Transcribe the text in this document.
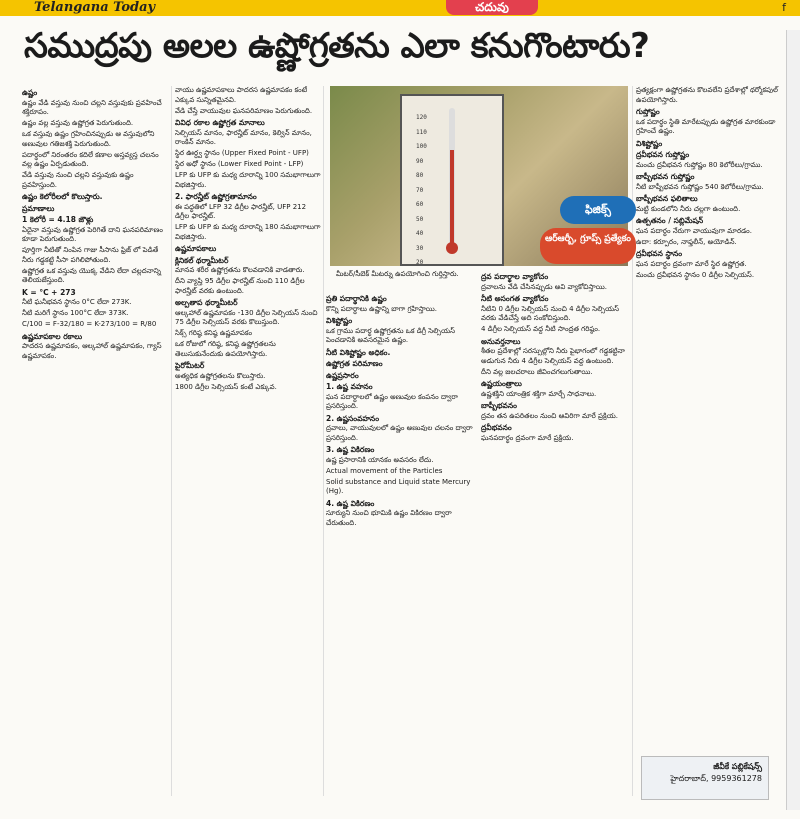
Telangana Today	చదువు	f
సముద్రపు అలల ఉష్ణోగ్రతను ఎలా కనుగొంటారు?

ఉష్ణం

ఉష్ణం వేడి వస్తువు నుంచి చల్లని వస్తువుకు ప్రవహించే శక్తిరూపం.

ఉష్ణం వల్ల వస్తువు ఉష్ణోగ్రత పెరుగుతుంది.

ఒక వస్తువు ఉష్ణం గ్రహించినప్పుడు ఆ వస్తువులోని అణువుల గతిజశక్తి పెరుగుతుంది.

పదార్థంలో నిరంతరం కదిలే కణాల అస్తవ్యస్త చలనం వల్ల ఉష్ణం ఏర్పడుతుంది.

వేడి వస్తువు నుంచి చల్లని వస్తువుకు ఉష్ణం ప్రవహిస్తుంది.

ఉష్ణం కెలోరీలలో కొలుస్తారు.

ప్రమాణాలు

1 కెలోరీ = 4.18 జౌళ్లు

ఏదైనా వస్తువు ఉష్ణోగ్రత పెరిగితే దాని ఘనపరిమాణం కూడా పెరుగుతుంది.

పూర్తిగా నీటితో నింపిన గాజు సీసాను ఫ్రిజ్ లో పెడితే నీరు గడ్డకట్టి సీసా పగిలిపోతుంది.

ఉష్ణోగ్రత ఒక వస్తువు యొక్క వేడిని లేదా చల్లదనాన్ని తెలియజేస్తుంది.

K = °C + 273

నీటి ఘనీభవన స్థానం 0°C లేదా 273K.

నీటి మరిగే స్థానం 100°C లేదా 373K.

C/100 = F-32/180 = K-273/100 = R/80

ఉష్ణమాపకాల రకాలు

పాదరస ఉష్ణమాపకం, ఆల్కహాల్ ఉష్ణమాపకం, గ్యాస్ ఉష్ణమాపకం.

వాయు ఉష్ణమాపకాలు పాదరస ఉష్ణమాపకం కంటే ఎక్కువ సున్నితమైనవి.

వేడి చేస్తే వాయువుల ఘనపరిమాణం పెరుగుతుంది.

వివిధ రకాల ఉష్ణోగ్రత మానాలు

సెల్సియస్ మానం, ఫారన్హీట్ మానం, కెల్విన్ మానం, రాంకిన్ మానం.

స్థిర ఊర్ధ్వ స్థానం (Upper Fixed Point - UFP)

స్థిర అధో స్థానం (Lower Fixed Point - LFP)

LFP కు UFP కు మధ్య దూరాన్ని 100 సమభాగాలుగా విభజిస్తారు.

2. ఫారన్హీట్ ఉష్ణోగ్రతామానం

ఈ పద్ధతిలో LFP 32 డిగ్రీల ఫారన్హీట్, UFP 212 డిగ్రీల ఫారన్హీట్.

LFP కు UFP కు మధ్య దూరాన్ని 180 సమభాగాలుగా విభజిస్తారు.

ఉష్ణమాపకాలు

క్లినికల్ థర్మామీటర్

మానవ శరీర ఉష్ణోగ్రతను కొలవడానికి వాడతారు.

దీని వ్యాప్తి 95 డిగ్రీల ఫారన్హీట్ నుంచి 110 డిగ్రీల ఫారన్హీట్ వరకు ఉంటుంది.

అల్పతాప థర్మామీటర్

ఆల్కహాల్ ఉష్ణమాపకం -130 డిగ్రీల సెల్సియస్ నుంచి 75 డిగ్రీల సెల్సియస్ వరకు కొలుస్తుంది.

సిక్స్ గరిష్ఠ కనిష్ఠ ఉష్ణమాపకం

ఒక రోజులో గరిష్ఠ, కనిష్ఠ ఉష్ణోగ్రతలను తెలుసుకునేందుకు ఉపయోగిస్తారు.

పైరోమీటర్

అత్యధిక ఉష్ణోగ్రతలను కొలుస్తారు.

1800 డిగ్రీల సెల్సియస్ కంటే ఎక్కువ.

120

110

100

90

80

70

60

50

40

30

20

ఫిజిక్స్
ఆర్ఆర్బీ, గ్రూప్స్ ప్రత్యేకం
మీటర్/సీబెక్ మీటర్ను ఉపయోగించి గుర్తిస్తారు.

ప్రతి పదార్థానికి ఉష్ణం

కొన్ని పదార్థాలు ఉష్ణాన్ని బాగా గ్రహిస్తాయి.

విశిష్టోష్ణం

ఒక గ్రాము పదార్థ ఉష్ణోగ్రతను ఒక డిగ్రీ సెల్సియస్ పెంచడానికి అవసరమైన ఉష్ణం.

నీటి విశిష్టోష్ణం అధికం.

ఉష్ణోగ్రత పరిమాణం

ఉష్ణప్రసారం

1. ఉష్ణ వహనం

ఘన పదార్థాలలో ఉష్ణం అణువుల కంపనం ద్వారా ప్రసరిస్తుంది.

2. ఉష్ణసంవహనం

ద్రవాలు, వాయువులలో ఉష్ణం అణువుల చలనం ద్వారా ప్రసరిస్తుంది.

3. ఉష్ణ వికిరణం

ఉష్ణ ప్రసారానికి యానకం అవసరం లేదు.

Actual movement of the Particles

Solid substance and Liquid state Mercury (Hg).

4. ఉష్ణ వికిరణం

సూర్యుని నుంచి భూమికి ఉష్ణం వికిరణం ద్వారా చేరుతుంది.

ద్రవ పదార్థాల వ్యాకోచం

ద్రవాలను వేడి చేసినప్పుడు అవి వ్యాకోచిస్తాయి.

నీటి అసంగత వ్యాకోచం

నీటిని 0 డిగ్రీల సెల్సియస్ నుంచి 4 డిగ్రీల సెల్సియస్ వరకు వేడిచేస్తే అది సంకోచిస్తుంది.

4 డిగ్రీల సెల్సియస్ వద్ద నీటి సాంద్రత గరిష్ఠం.

అనువర్తనాలు

శీతల ప్రదేశాల్లో సరస్సుల్లోని నీరు పైభాగంలో గడ్డకట్టినా అడుగున నీరు 4 డిగ్రీల సెల్సియస్ వద్ద ఉంటుంది.

దీని వల్ల జలచరాలు జీవించగలుగుతాయి.

ఉష్ణయంత్రాలు

ఉష్ణశక్తిని యాంత్రిక శక్తిగా మార్చే సాధనాలు.

బాష్పీభవనం

ద్రవం తన ఉపరితలం నుంచి ఆవిరిగా మారే ప్రక్రియ.

ద్రవీభవనం

ఘనపదార్థం ద్రవంగా మారే ప్రక్రియ.

ప్రత్యక్షంగా ఉష్ణోగ్రతను కొలవలేని ప్రదేశాల్లో థర్మోకపుల్ ఉపయోగిస్తారు.

గుప్తోష్ణం

ఒక పదార్థం స్థితి మారేటప్పుడు ఉష్ణోగ్రత మారకుండా గ్రహించే ఉష్ణం.

విశిష్టోష్ణం

ద్రవీభవన గుప్తోష్ణం

మంచు ద్రవీభవన గుప్తోష్ణం 80 కెలోరీలు/గ్రాము.

బాష్పీభవన గుప్తోష్ణం

నీటి బాష్పీభవన గుప్తోష్ణం 540 కెలోరీలు/గ్రాము.

బాష్పీభవన ఫలితాలు

మట్టి కుండలోని నీరు చల్లగా ఉంటుంది.

ఉత్పతనం / సబ్లిమేషన్

ఘన పదార్థం నేరుగా వాయువుగా మారడం.

ఉదా: కర్పూరం, నాఫ్తలీన్, అయోడిన్.

ద్రవీభవన స్థానం

ఘన పదార్థం ద్రవంగా మారే స్థిర ఉష్ణోగ్రత.

మంచు ద్రవీభవన స్థానం 0 డిగ్రీల సెల్సియస్.

జీవీకే పబ్లికేషన్స్
హైదరాబాద్, 9959361278
